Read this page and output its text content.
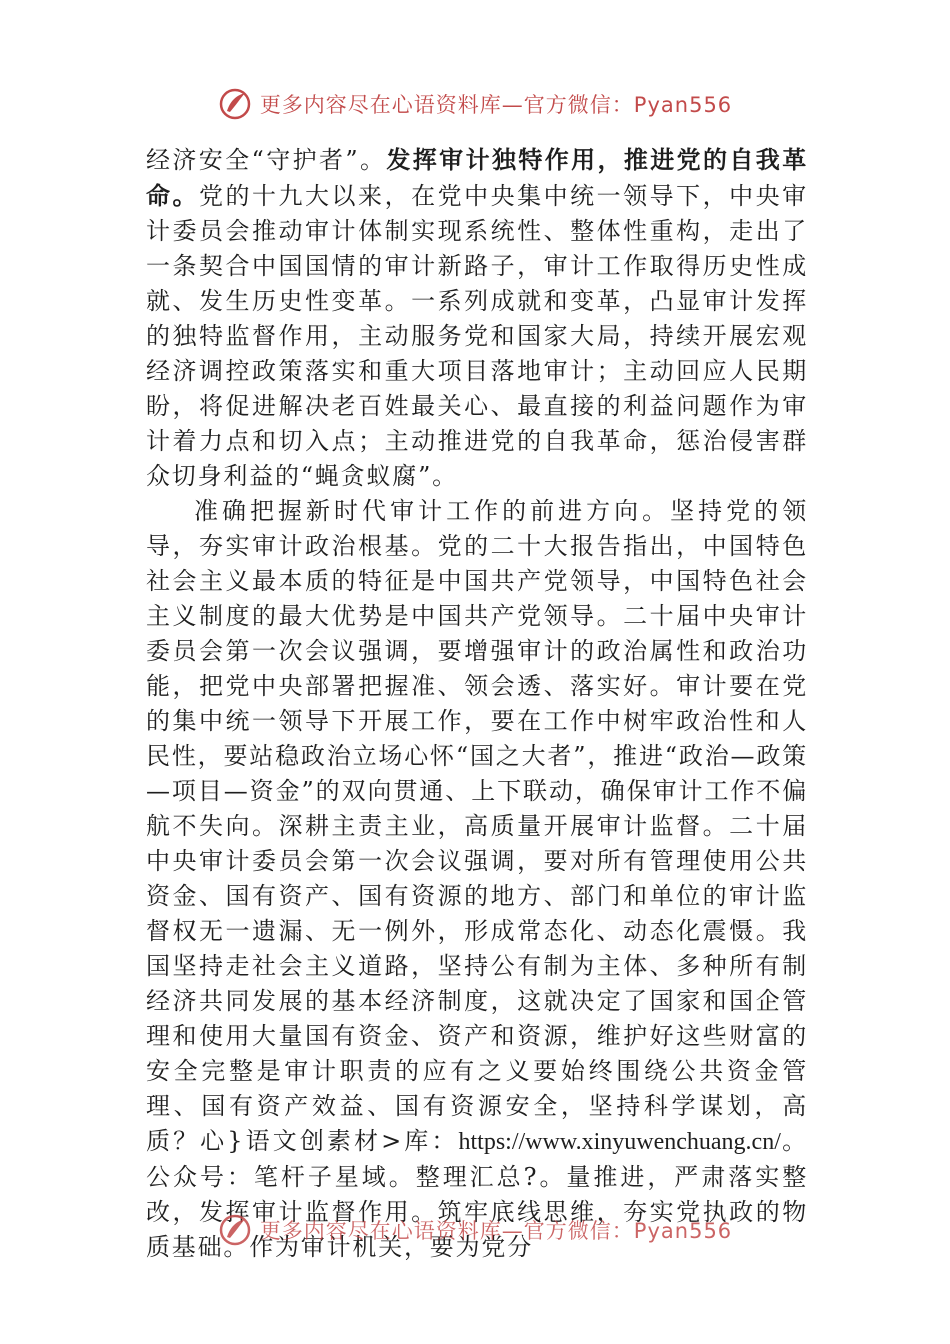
更多内容尽在心语资料库—官方微信：Pyan556

经济安全“守护者”。发挥审计独特作用，推进党的自我革命。党的十九大以来，在党中央集中统一领导下，中央审计委员会推动审计体制实现系统性、整体性重构，走出了一条契合中国国情的审计新路子，审计工作取得历史性成就、发生历史性变革。一系列成就和变革，凸显审计发挥的独特监督作用，主动服务党和国家大局，持续开展宏观经济调控政策落实和重大项目落地审计；主动回应人民期盼，将促进解决老百姓最关心、最直接的利益问题作为审计着力点和切入点；主动推进党的自我革命，惩治侵害群众切身利益的“蝇贪蚁腐”。

准确把握新时代审计工作的前进方向。坚持党的领导，夯实审计政治根基。党的二十大报告指出，中国特色社会主义最本质的特征是中国共产党领导，中国特色社会主义制度的最大优势是中国共产党领导。二十届中央审计委员会第一次会议强调，要增强审计的政治属性和政治功能，把党中央部署把握准、领会透、落实好。审计要在党的集中统一领导下开展工作，要在工作中树牢政治性和人民性，要站稳政治立场心怀“国之大者”，推进“政治—政策—项目—资金”的双向贯通、上下联动，确保审计工作不偏航不失向。深耕主责主业，高质量开展审计监督。二十届中央审计委员会第一次会议强调，要对所有管理使用公共资金、国有资产、国有资源的地方、部门和单位的审计监督权无一遗漏、无一例外，形成常态化、动态化震慑。我国坚持走社会主义道路，坚持公有制为主体、多种所有制经济共同发展的基本经济制度，这就决定了国家和国企管理和使用大量国有资金、资产和资源，维护好这些财富的安全完整是审计职责的应有之义要始终围绕公共资金管理、国有资产效益、国有资源安全，坚持科学谋划，高质？心}语文创素材>库：https://www.xinyuwenchuang.cn/。公众号：笔杆子星域。整理汇总?。量推进，严肃落实整改，发挥审计监督作用。筑牢底线思维，夯实党执政的物质基础。作为审计机关，要为党分

更多内容尽在心语资料库—官方微信：Pyan556
